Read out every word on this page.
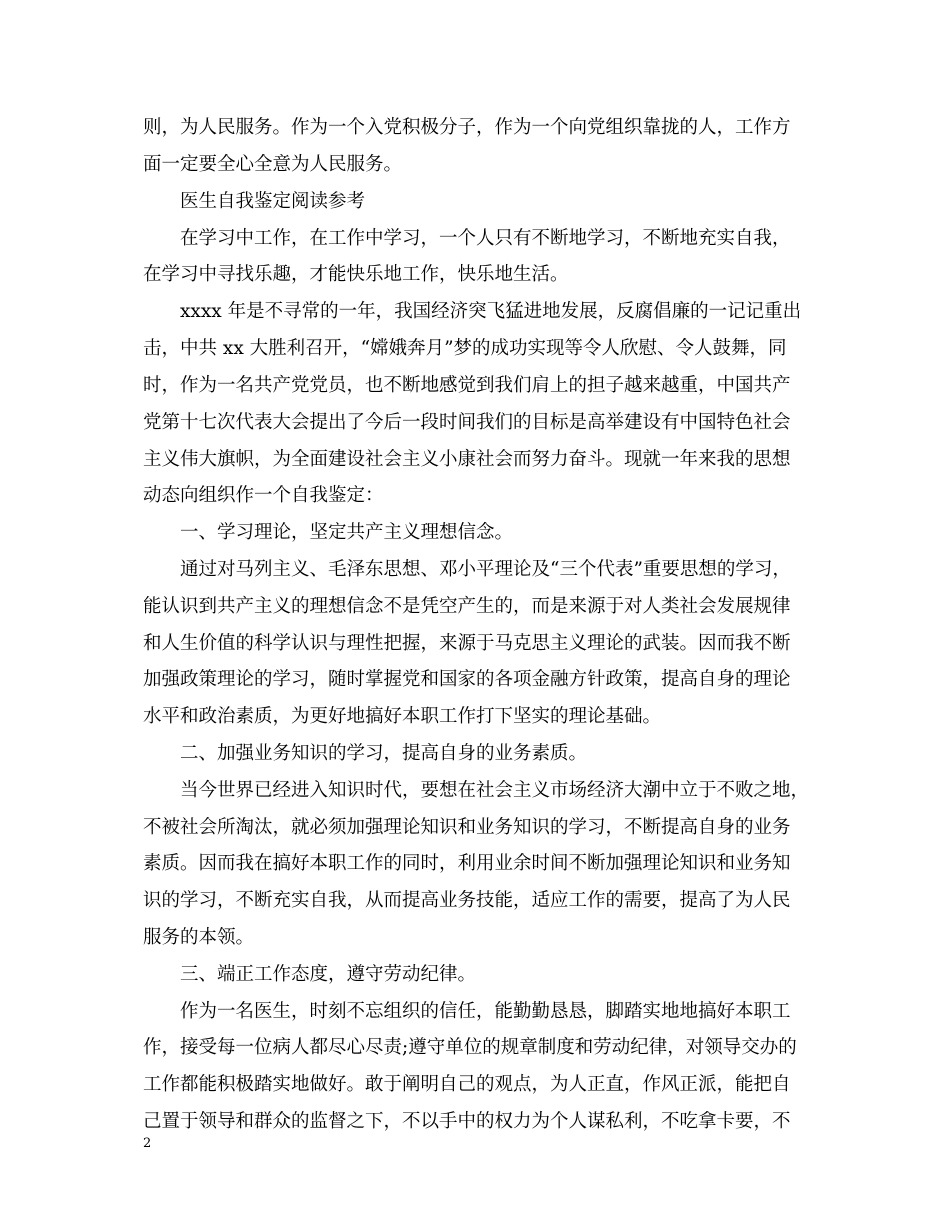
则，为人民服务。作为一个入党积极分子，作为一个向党组织靠拢的人，工作方
面一定要全心全意为人民服务。
医生自我鉴定阅读参考
在学习中工作，在工作中学习，一个人只有不断地学习，不断地充实自我，
在学习中寻找乐趣，才能快乐地工作，快乐地生活。
xxxx 年是不寻常的一年，我国经济突飞猛进地发展，反腐倡廉的一记记重出
击，中共 xx 大胜利召开，“嫦娥奔月”梦的成功实现等令人欣慰、令人鼓舞，同
时，作为一名共产党党员，也不断地感觉到我们肩上的担子越来越重，中国共产
党第十七次代表大会提出了今后一段时间我们的目标是高举建设有中国特色社会
主义伟大旗帜，为全面建设社会主义小康社会而努力奋斗。现就一年来我的思想
动态向组织作一个自我鉴定：
一、学习理论，坚定共产主义理想信念。
通过对马列主义、毛泽东思想、邓小平理论及“三个代表”重要思想的学习，
能认识到共产主义的理想信念不是凭空产生的，而是来源于对人类社会发展规律
和人生价值的科学认识与理性把握，来源于马克思主义理论的武装。因而我不断
加强政策理论的学习，随时掌握党和国家的各项金融方针政策，提高自身的理论
水平和政治素质，为更好地搞好本职工作打下坚实的理论基础。
二、加强业务知识的学习，提高自身的业务素质。
当今世界已经进入知识时代，要想在社会主义市场经济大潮中立于不败之地，
不被社会所淘汰，就必须加强理论知识和业务知识的学习，不断提高自身的业务
素质。因而我在搞好本职工作的同时，利用业余时间不断加强理论知识和业务知
识的学习，不断充实自我，从而提高业务技能，适应工作的需要，提高了为人民
服务的本领。
三、端正工作态度，遵守劳动纪律。
作为一名医生，时刻不忘组织的信任，能勤勤恳恳，脚踏实地地搞好本职工
作，接受每一位病人都尽心尽责;遵守单位的规章制度和劳动纪律，对领导交办的
工作都能积极踏实地做好。敢于阐明自己的观点，为人正直，作风正派，能把自
己置于领导和群众的监督之下，不以手中的权力为个人谋私利，不吃拿卡要，不
2
